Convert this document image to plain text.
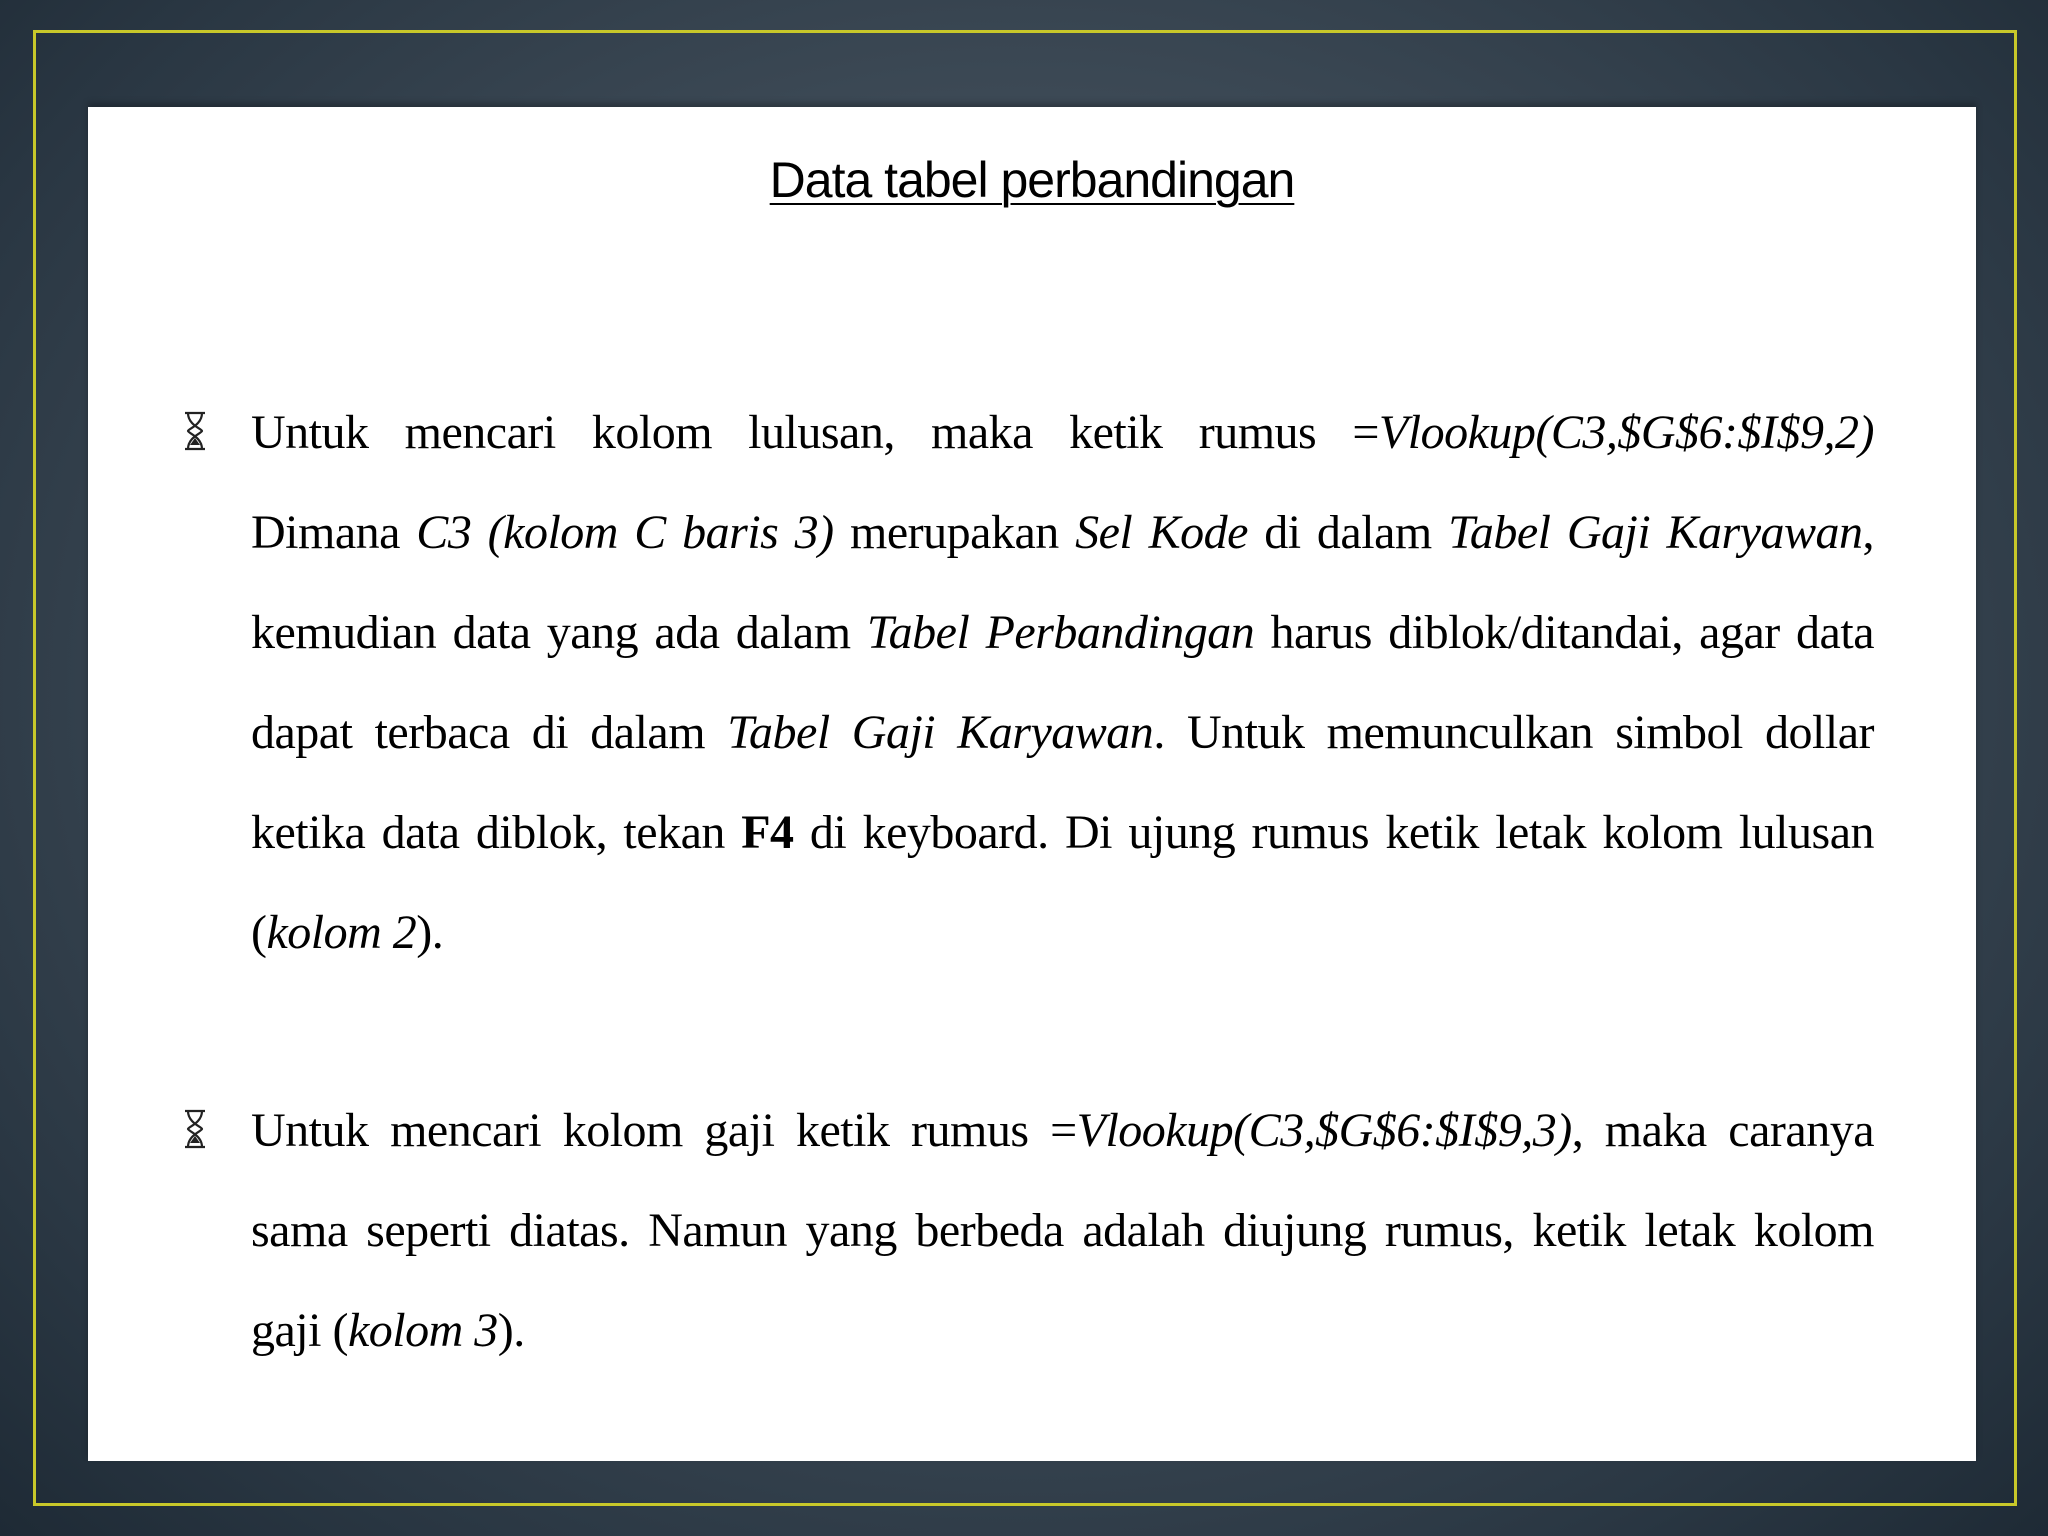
Data tabel perbandingan
Untuk mencari kolom lulusan, maka ketik rumus =Vlookup(C3,$G$6:$I$9,2)
Dimana C3 (kolom C baris 3) merupakan Sel Kode di dalam Tabel Gaji Karyawan,
kemudian data yang ada dalam Tabel Perbandingan harus diblok/ditandai, agar data
dapat terbaca di dalam Tabel Gaji Karyawan. Untuk memunculkan simbol dollar
ketika data diblok, tekan F4 di keyboard. Di ujung rumus ketik letak kolom lulusan
(kolom 2).
Untuk mencari kolom gaji ketik rumus =Vlookup(C3,$G$6:$I$9,3), maka caranya
sama seperti diatas. Namun yang berbeda adalah diujung rumus, ketik letak kolom
gaji (kolom 3).
